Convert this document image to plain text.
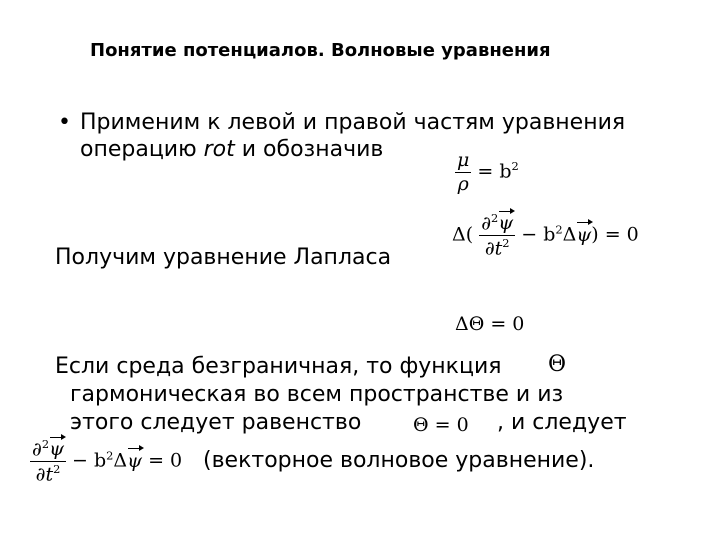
Понятие потенциалов. Волновые уравнения
• Применим к левой и правой частям уравнения
операцию rot и обозначив
$\frac{\mu}{\rho} = b^2$
$\Delta( \frac{\partial^2\psi}{\partial t^2} - b^2\Delta\psi) = 0$
Получим уравнение Лапласа
ΔΘ = 0
Если среда безграничная, то функция Θ
гармоническая во всем пространстве и из
этого следует равенство	Θ = 0 , и следует
$\frac{\partial^2\psi}{\partial t^2} - b^2\Delta\psi = 0$ (векторное волновое уравнение).
